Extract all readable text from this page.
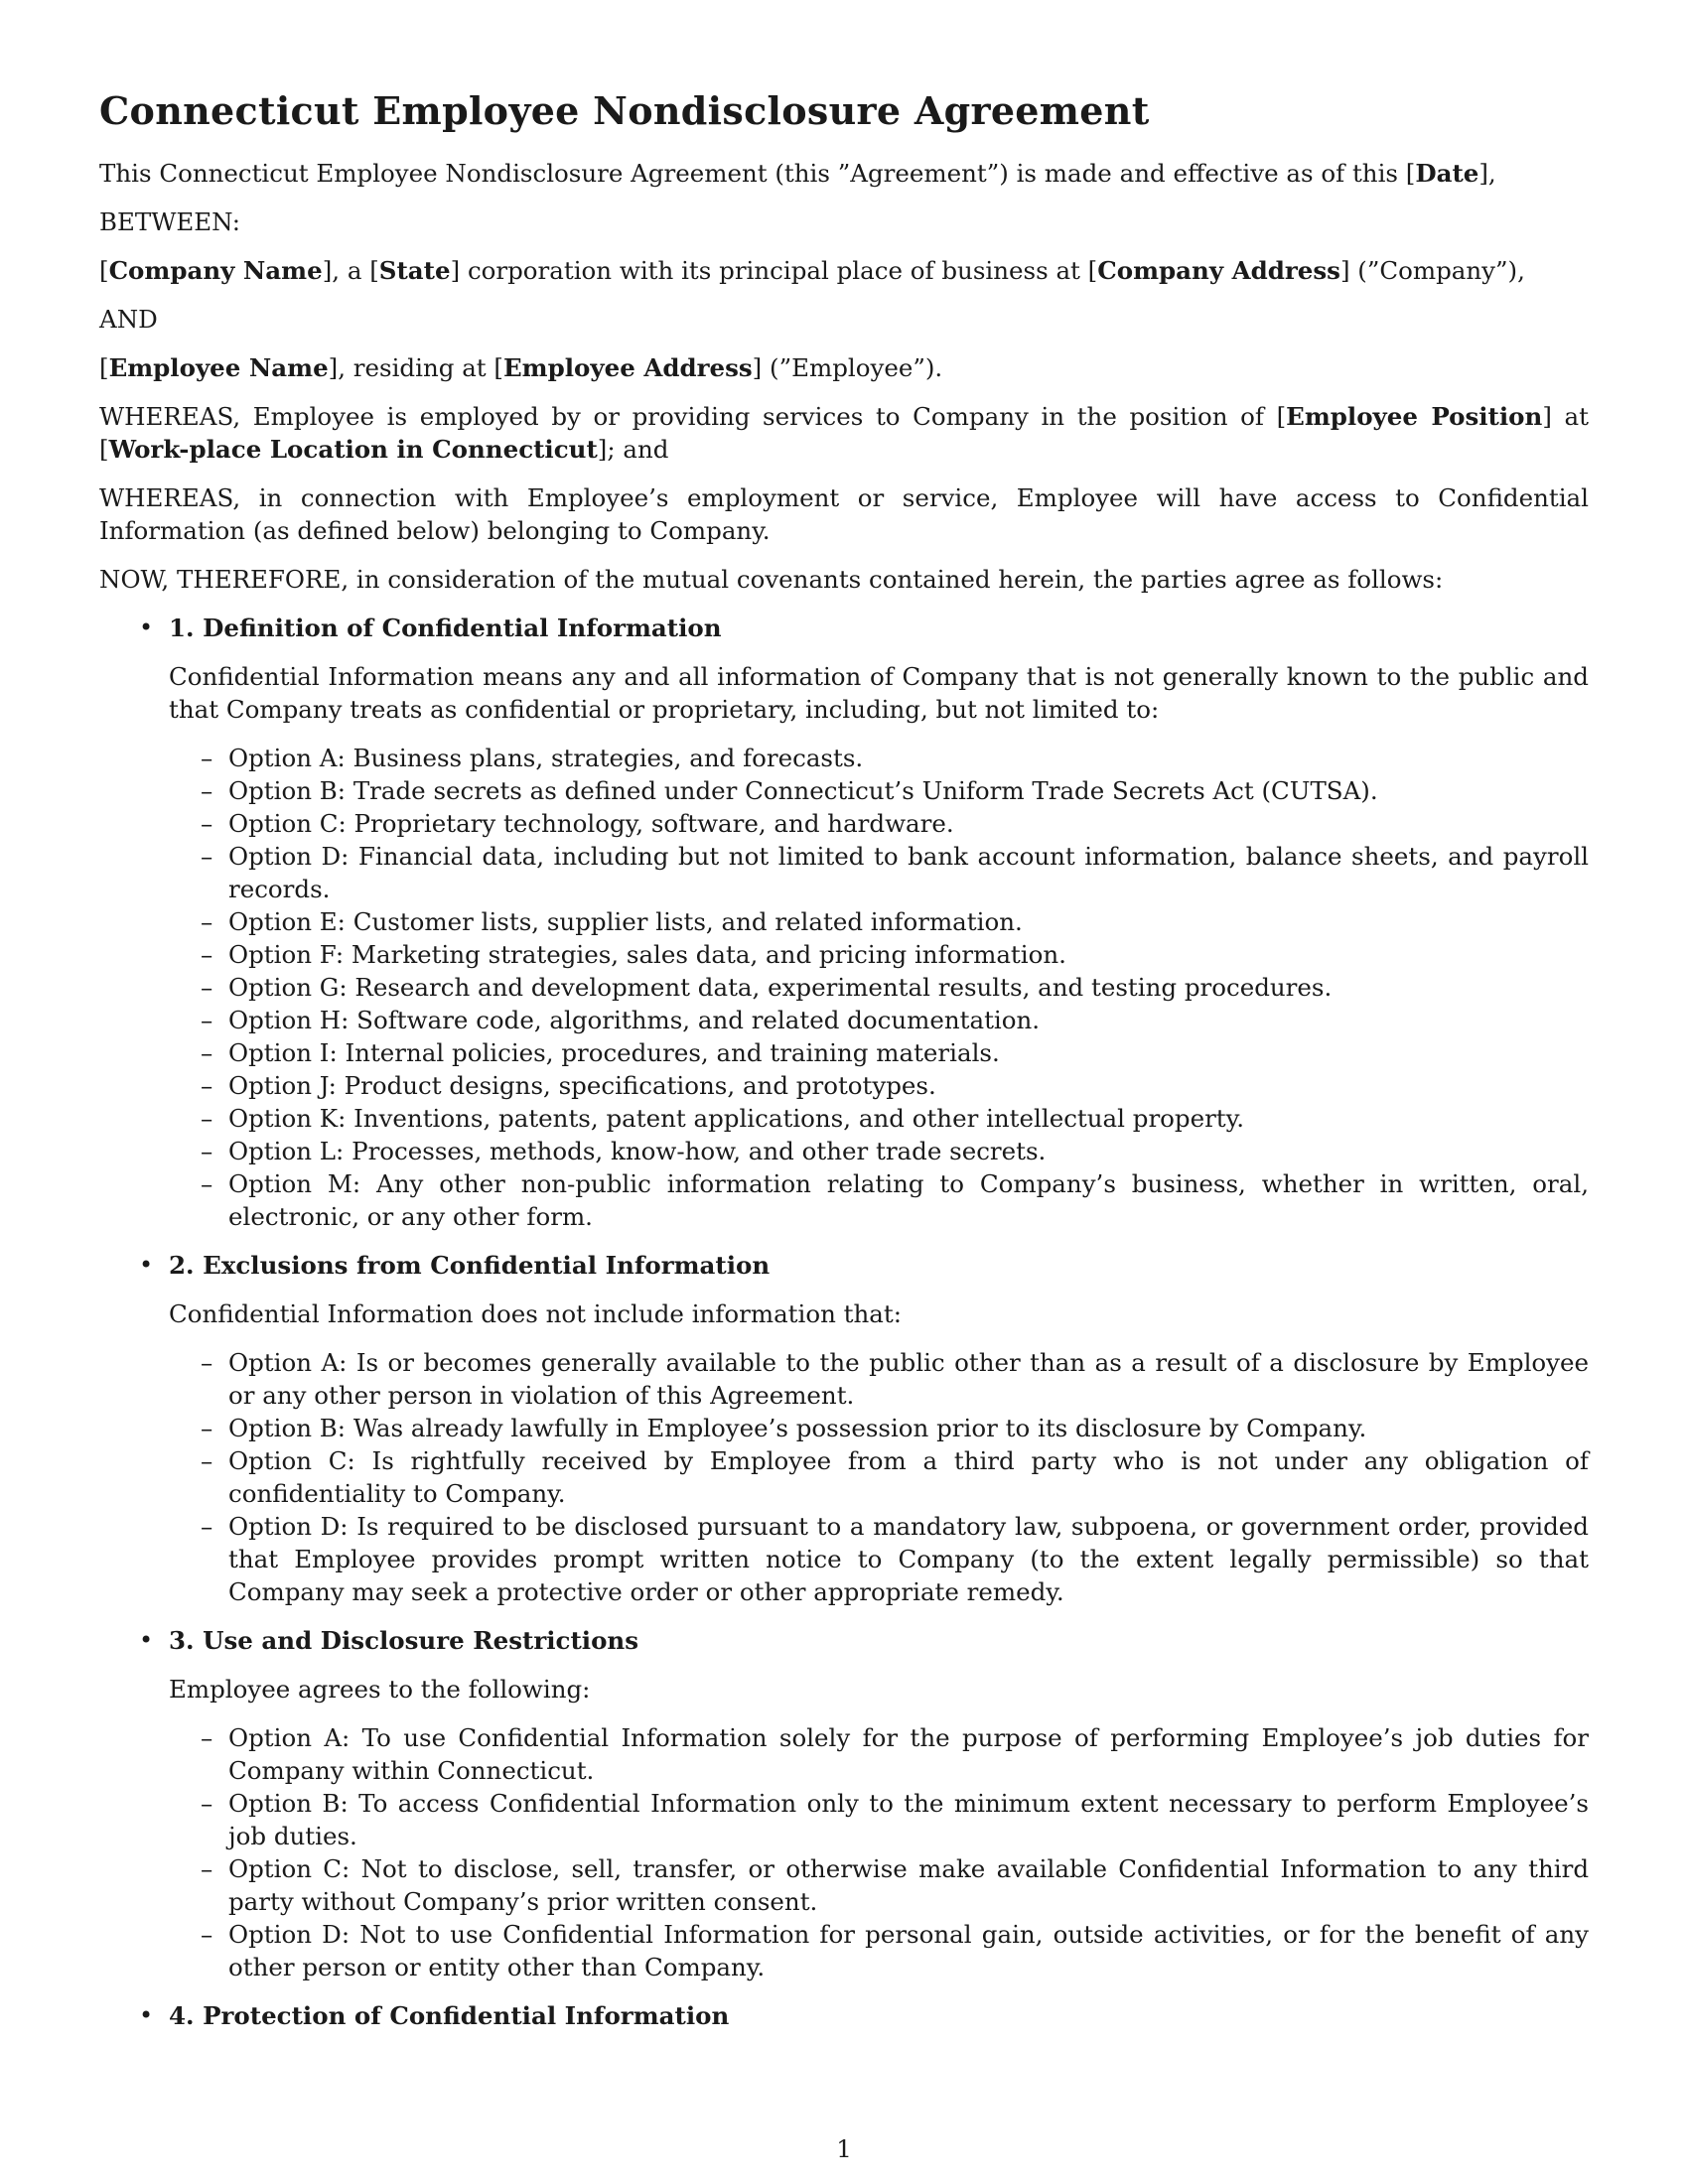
Connecticut Employee Nondisclosure Agreement

This Connecticut Employee Nondisclosure Agreement (this ”Agreement”) is made and effective as of this [Date],

BETWEEN:

[Company Name], a [State] corporation with its principal place of business at [Company Address] (”Company”),

AND

[Employee Name], residing at [Employee Address] (”Employee”).

WHEREAS, Employee is employed by or providing services to Company in the position of [Employee Position] at [Work-place Location in Connecticut]; and

WHEREAS, in connection with Employee’s employment or service, Employee will have access to Confidential Information (as defined below) belonging to Company.

NOW, THEREFORE, in consideration of the mutual covenants contained herein, the parties agree as follows:

• 1. Definition of Confidential Information
Confidential Information means any and all information of Company that is not generally known to the public and that Company treats as confidential or proprietary, including, but not limited to:
– Option A: Business plans, strategies, and forecasts.
– Option B: Trade secrets as defined under Connecticut’s Uniform Trade Secrets Act (CUTSA).
– Option C: Proprietary technology, software, and hardware.
– Option D: Financial data, including but not limited to bank account information, balance sheets, and payroll records.
– Option E: Customer lists, supplier lists, and related information.
– Option F: Marketing strategies, sales data, and pricing information.
– Option G: Research and development data, experimental results, and testing procedures.
– Option H: Software code, algorithms, and related documentation.
– Option I: Internal policies, procedures, and training materials.
– Option J: Product designs, specifications, and prototypes.
– Option K: Inventions, patents, patent applications, and other intellectual property.
– Option L: Processes, methods, know-how, and other trade secrets.
– Option M: Any other non-public information relating to Company’s business, whether in written, oral, electronic, or any other form.
• 2. Exclusions from Confidential Information
Confidential Information does not include information that:
– Option A: Is or becomes generally available to the public other than as a result of a disclosure by Employee or any other person in violation of this Agreement.
– Option B: Was already lawfully in Employee’s possession prior to its disclosure by Company.
– Option C: Is rightfully received by Employee from a third party who is not under any obligation of confidentiality to Company.
– Option D: Is required to be disclosed pursuant to a mandatory law, subpoena, or government order, provided that Employee provides prompt written notice to Company (to the extent legally permissible) so that Company may seek a protective order or other appropriate remedy.
• 3. Use and Disclosure Restrictions
Employee agrees to the following:
– Option A: To use Confidential Information solely for the purpose of performing Employee’s job duties for Company within Connecticut.
– Option B: To access Confidential Information only to the minimum extent necessary to perform Employee’s job duties.
– Option C: Not to disclose, sell, transfer, or otherwise make available Confidential Information to any third party without Company’s prior written consent.
– Option D: Not to use Confidential Information for personal gain, outside activities, or for the benefit of any other person or entity other than Company.
• 4. Protection of Confidential Information
1
